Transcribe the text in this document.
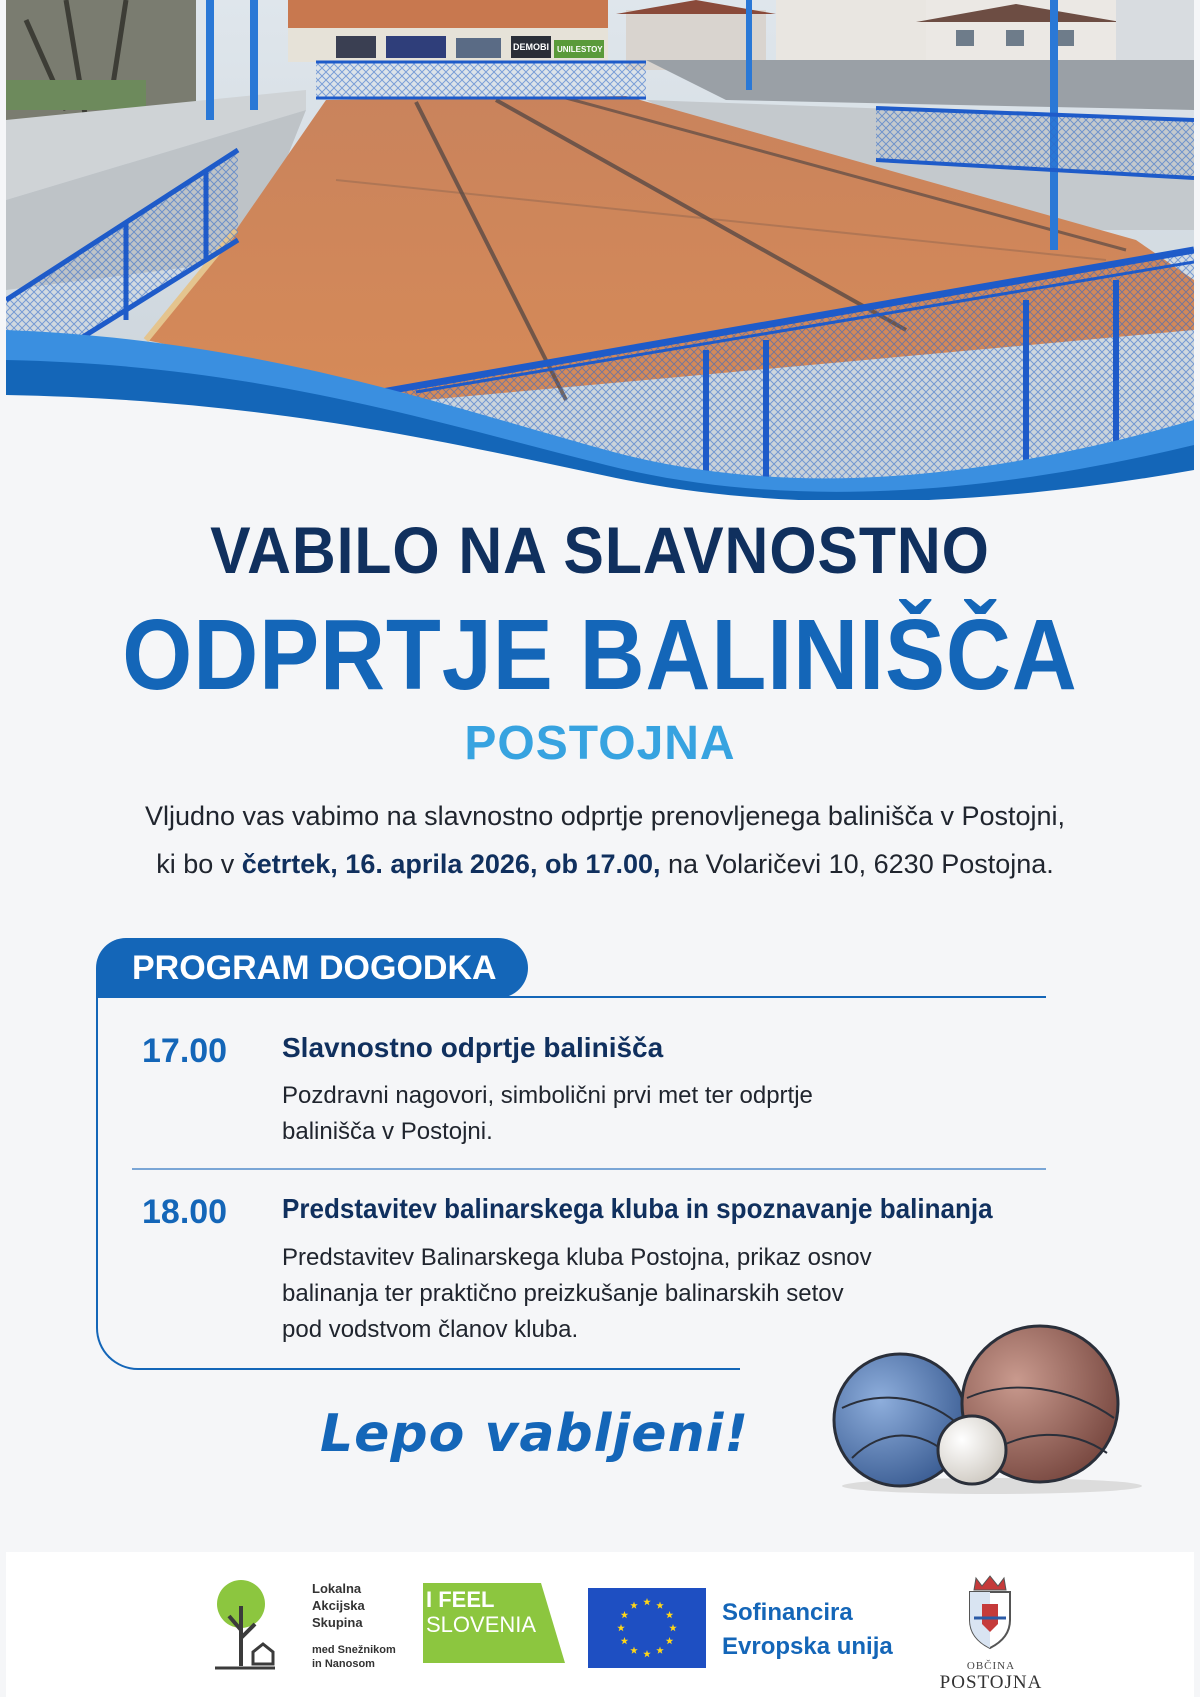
DEMOBI UNILESTOY
VABILO NA SLAVNOSTNO
ODPRTJE BALINIŠČA
POSTOJNA
Vljudno vas vabimo na slavnostno odprtje prenovljenega balinišča v Postojni,
ki bo v četrtek, 16. aprila 2026, ob 17.00, na Volaričevi 10, 6230 Postojna.
PROGRAM DOGODKA
17.00 Slavnostno odprtje balinišča
Pozdravni nagovori, simbolični prvi met ter odprtje
balinišča v Postojni.
18.00 Predstavitev balinarskega kluba in spoznavanje balinanja
Predstavitev Balinarskega kluba Postojna, prikaz osnov
balinanja ter praktično preizkušanje balinarskih setov
pod vodstvom članov kluba.
Lepo vabljeni!
Lokalna
Akcijska
Skupina
med Snežnikom
in Nanosom
I FEEL
SLOVENIA	Sofinancira
Evropska unija
OBČINA
POSTOJNA
